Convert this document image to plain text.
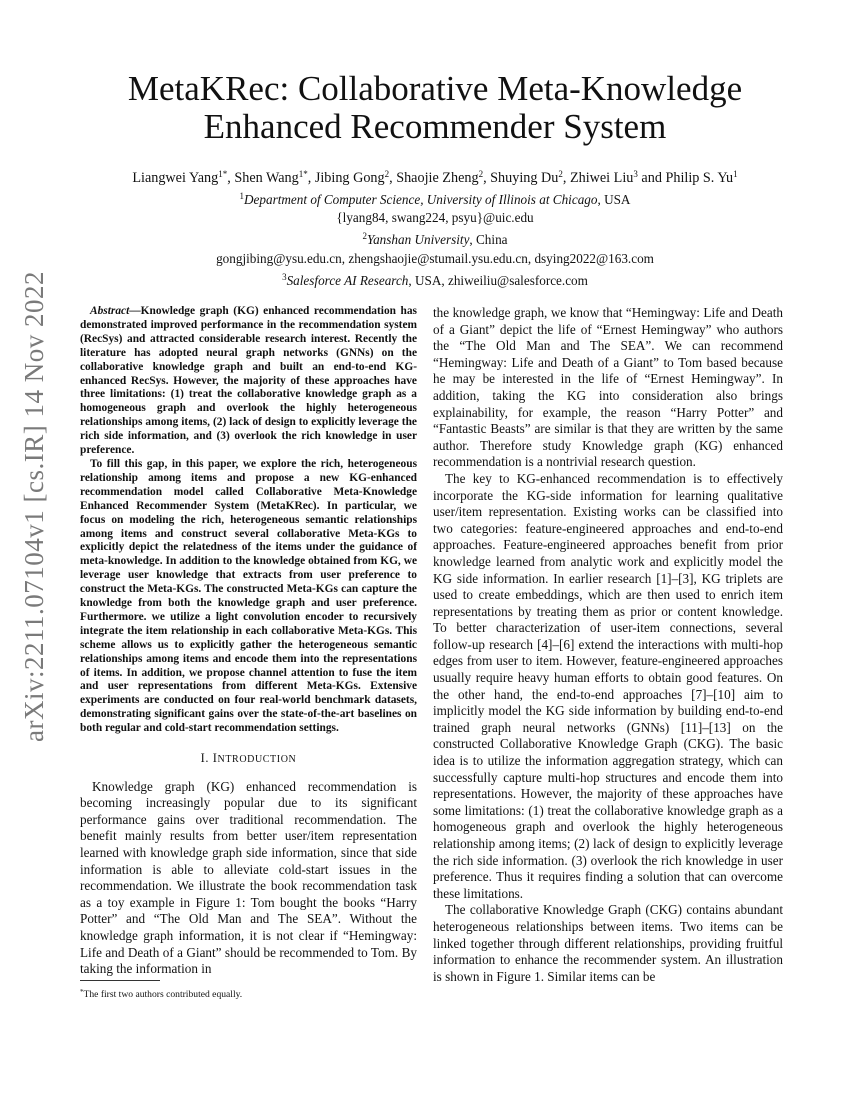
arXiv:2211.07104v1 [cs.IR] 14 Nov 2022
MetaKRec: Collaborative Meta-Knowledge
Enhanced Recommender System
Liangwei Yang$^{1*}$, Shen Wang$^{1*}$, Jibing Gong$^2$, Shaojie Zheng$^2$, Shuying Du$^2$, Zhiwei Liu$^3$ and Philip S. Yu$^1$
$^1$Department of Computer Science, University of Illinois at Chicago, USA
{lyang84, swang224, psyu}@uic.edu
$^2$Yanshan University, China
gongjibing@ysu.edu.cn, zhengshaojie@stumail.ysu.edu.cn, dsying2022@163.com
$^3$Salesforce AI Research, USA, zhiweiliu@salesforce.com

Abstract—Knowledge graph (KG) enhanced recommendation has demonstrated improved performance in the recommendation system (RecSys) and attracted considerable research interest. Recently the literature has adopted neural graph networks (GNNs) on the collaborative knowledge graph and built an end-to-end KG-enhanced RecSys. However, the majority of these approaches have three limitations: (1) treat the collaborative knowledge graph as a homogeneous graph and overlook the highly heterogeneous relationships among items, (2) lack of design to explicitly leverage the rich side information, and (3) overlook the rich knowledge in user preference.

To fill this gap, in this paper, we explore the rich, heterogeneous relationship among items and propose a new KG-enhanced recommendation model called Collaborative Meta-Knowledge Enhanced Recommender System (MetaKRec). In particular, we focus on modeling the rich, heterogeneous semantic relationships among items and construct several collaborative Meta-KGs to explicitly depict the relatedness of the items under the guidance of meta-knowledge. In addition to the knowledge obtained from KG, we leverage user knowledge that extracts from user preference to construct the Meta-KGs. The constructed Meta-KGs can capture the knowledge from both the knowledge graph and user preference. Furthermore. we utilize a light convolution encoder to recursively integrate the item relationship in each collaborative Meta-KGs. This scheme allows us to explicitly gather the heterogeneous semantic relationships among items and encode them into the representations of items. In addition, we propose channel attention to fuse the item and user representations from different Meta-KGs. Extensive experiments are conducted on four real-world benchmark datasets, demonstrating significant gains over the state-of-the-art baselines on both regular and cold-start recommendation settings.

I. INTRODUCTION

Knowledge graph (KG) enhanced recommendation is becoming increasingly popular due to its significant performance gains over traditional recommendation. The benefit mainly results from better user/item representation learned with knowledge graph side information, since that side information is able to alleviate cold-start issues in the recommendation. We illustrate the book recommendation task as a toy example in Figure 1: Tom bought the books “Harry Potter” and “The Old Man and The SEA”. Without the knowledge graph information, it is not clear if “Hemingway: Life and Death of a Giant” should be recommended to Tom. By taking the information in

the knowledge graph, we know that “Hemingway: Life and Death of a Giant” depict the life of “Ernest Hemingway” who authors the “The Old Man and The SEA”. We can recommend “Hemingway: Life and Death of a Giant” to Tom based because he may be interested in the life of “Ernest Hemingway”. In addition, taking the KG into consideration also brings explainability, for example, the reason “Harry Potter” and “Fantastic Beasts” are similar is that they are written by the same author. Therefore study Knowledge graph (KG) enhanced recommendation is a nontrivial research question.

The key to KG-enhanced recommendation is to effectively incorporate the KG-side information for learning qualitative user/item representation. Existing works can be classified into two categories: feature-engineered approaches and end-to-end approaches. Feature-engineered approaches benefit from prior knowledge learned from analytic work and explicitly model the KG side information. In earlier research [1]–[3], KG triplets are used to create embeddings, which are then used to enrich item representations by treating them as prior or content knowledge. To better characterization of user-item connections, several follow-up research [4]–[6] extend the interactions with multi-hop edges from user to item. However, feature-engineered approaches usually require heavy human efforts to obtain good features. On the other hand, the end-to-end approaches [7]–[10] aim to implicitly model the KG side information by building end-to-end trained graph neural networks (GNNs) [11]–[13] on the constructed Collaborative Knowledge Graph (CKG). The basic idea is to utilize the information aggregation strategy, which can successfully capture multi-hop structures and encode them into representations. However, the majority of these approaches have some limitations: (1) treat the collaborative knowledge graph as a homogeneous graph and overlook the highly heterogeneous relationship among items; (2) lack of design to explicitly leverage the rich side information. (3) overlook the rich knowledge in user preference. Thus it requires finding a solution that can overcome these limitations.

The collaborative Knowledge Graph (CKG) contains abundant heterogeneous relationships between items. Two items can be linked together through different relationships, providing fruitful information to enhance the recommender system. An illustration is shown in Figure 1. Similar items can be

*The first two authors contributed equally.
